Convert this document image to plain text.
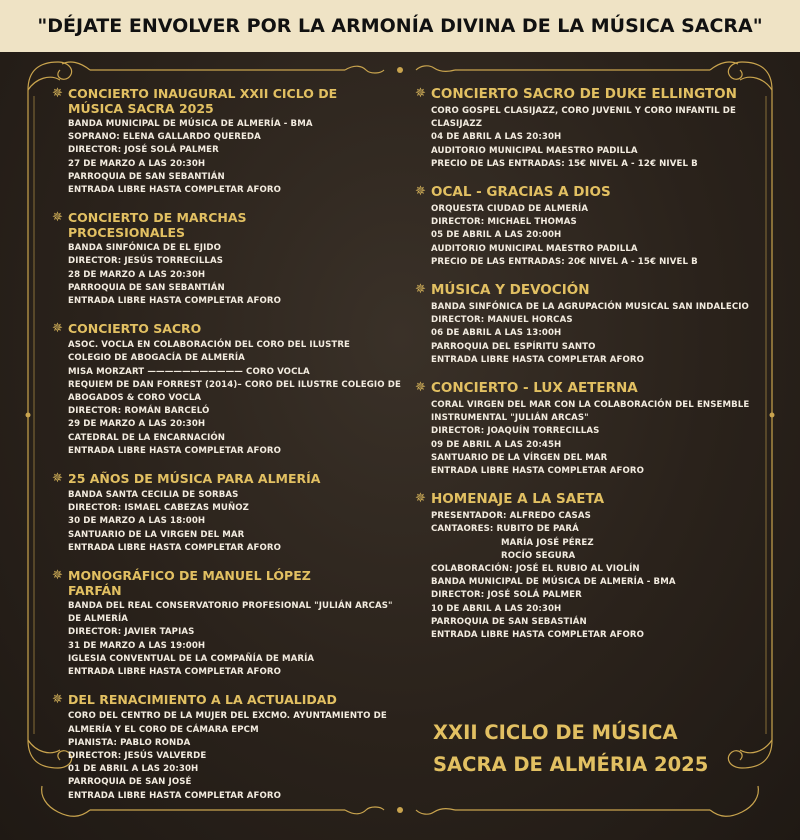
"DÉJATE ENVOLVER POR LA ARMONÍA DIVINA DE LA MÚSICA SACRA"
✵ CONCIERTO INAUGURAL XXII CICLO DE MÚSICA SACRA 2025
BANDA MUNICIPAL DE MÚSICA DE ALMERÍA - BMA
SOPRANO: ELENA GALLARDO QUEREDA
DIRECTOR: JOSÉ SOLÁ PALMER
27 DE MARZO A LAS 20:30H
PARROQUIA DE SAN SEBANTIÁN
ENTRADA LIBRE HASTA COMPLETAR AFORO
✵ CONCIERTO DE MARCHAS PROCESIONALES
BANDA SINFÓNICA DE EL EJIDO
DIRECTOR: JESÚS TORRECILLAS
28 DE MARZO A LAS 20:30H
PARROQUIA DE SAN SEBANTIÁN
ENTRADA LIBRE HASTA COMPLETAR AFORO
✵ CONCIERTO SACRO
ASOC. VOCLA EN COLABORACIÓN DEL CORO DEL ILUSTRE
COLEGIO DE ABOGACÍA DE ALMERÍA
MISA MORZART ——————————— CORO VOCLA
REQUIEM DE DAN FORREST (2014)– CORO DEL ILUSTRE COLEGIO DE
ABOGADOS & CORO VOCLA
DIRECTOR: ROMÁN BARCELÓ
29 DE MARZO A LAS 20:30H
CATEDRAL DE LA ENCARNACIÓN
ENTRADA LIBRE HASTA COMPLETAR AFORO
✵ 25 AÑOS DE MÚSICA PARA ALMERÍA
BANDA SANTA CECILIA DE SORBAS
DIRECTOR: ISMAEL CABEZAS MUÑOZ
30 DE MARZO A LAS 18:00H
SANTUARIO DE LA VIRGEN DEL MAR
ENTRADA LIBRE HASTA COMPLETAR AFORO
✵ MONOGRÁFICO DE MANUEL LÓPEZ FARFÁN
BANDA DEL REAL CONSERVATORIO PROFESIONAL "JULIÁN ARCAS"
DE ALMERÍA
DIRECTOR: JAVIER TAPIAS
31 DE MARZO A LAS 19:00H
IGLESIA CONVENTUAL DE LA COMPAÑÍA DE MARÍA
ENTRADA LIBRE HASTA COMPLETAR AFORO
✵ DEL RENACIMIENTO A LA ACTUALIDAD
CORO DEL CENTRO DE LA MUJER DEL EXCMO. AYUNTAMIENTO DE
ALMERÍA Y EL CORO DE CÁMARA EPCM
PIANISTA: PABLO RONDA
DIRECTOR: JESÚS VALVERDE
01 DE ABRIL A LAS 20:30H
PARROQUIA DE SAN JOSÉ
ENTRADA LIBRE HASTA COMPLETAR AFORO
✵ CONCIERTO SACRO DE DUKE ELLINGTON
CORO GOSPEL CLASIJAZZ, CORO JUVENIL Y CORO INFANTIL DE
CLASIJAZZ
04 DE ABRIL A LAS 20:30H
AUDITORIO MUNICIPAL MAESTRO PADILLA
PRECIO DE LAS ENTRADAS: 15€ NIVEL A - 12€ NIVEL B
✵ OCAL - GRACIAS A DIOS
ORQUESTA CIUDAD DE ALMERÍA
DIRECTOR: MICHAEL THOMAS
05 DE ABRIL A LAS 20:00H
AUDITORIO MUNICIPAL MAESTRO PADILLA
PRECIO DE LAS ENTRADAS: 20€ NIVEL A - 15€ NIVEL B
✵ MÚSICA Y DEVOCIÓN
BANDA SINFÓNICA DE LA AGRUPACIÓN MUSICAL SAN INDALECIO
DIRECTOR: MANUEL HORCAS
06 DE ABRIL A LAS 13:00H
PARROQUIA DEL ESPÍRITU SANTO
ENTRADA LIBRE HASTA COMPLETAR AFORO
✵ CONCIERTO - LUX AETERNA
CORAL VIRGEN DEL MAR CON LA COLABORACIÓN DEL ENSEMBLE
INSTRUMENTAL "JULIÁN ARCAS"
DIRECTOR: JOAQUÍN TORRECILLAS
09 DE ABRIL A LAS 20:45H
SANTUARIO DE LA VÍRGEN DEL MAR
ENTRADA LIBRE HASTA COMPLETAR AFORO
✵ HOMENAJE A LA SAETA
PRESENTADOR: ALFREDO CASAS
CANTAORES: RUBITO DE PARÁ
MARÍA JOSÉ PÉREZ
ROCÍO SEGURA
COLABORACIÓN: JOSÉ EL RUBIO AL VIOLÍN
BANDA MUNICIPAL DE MÚSICA DE ALMERÍA - BMA
DIRECTOR: JOSÉ SOLÁ PALMER
10 DE ABRIL A LAS 20:30H
PARROQUIA DE SAN SEBASTIÁN
ENTRADA LIBRE HASTA COMPLETAR AFORO
XXII CICLO DE MÚSICA
SACRA DE ALMÉRIA 2025
